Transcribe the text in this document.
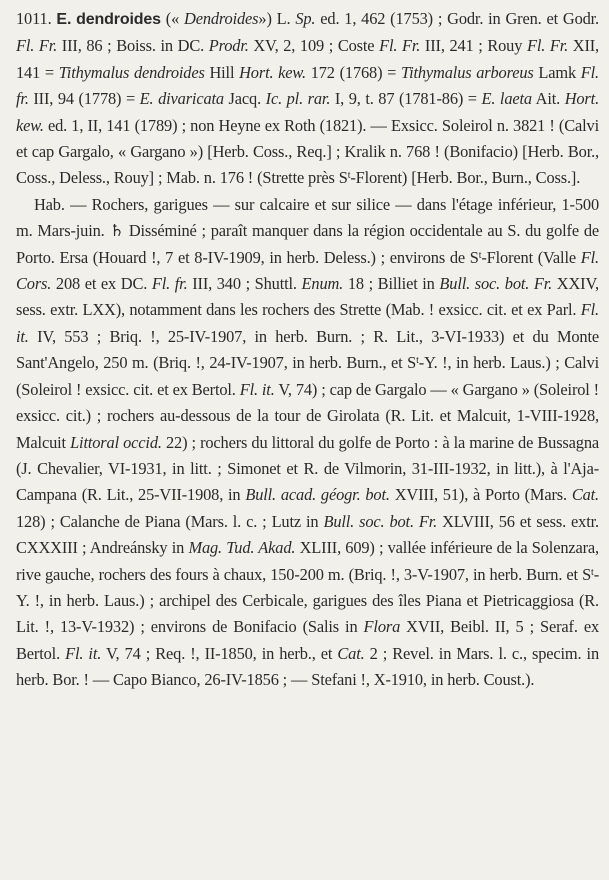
1011. E. dendroides (« Dendroides») L. Sp. ed. 1, 462 (1753) ; Godr. in Gren. et Godr. Fl. Fr. III, 86 ; Boiss. in DC. Prodr. XV, 2, 109 ; Coste Fl. Fr. III, 241 ; Rouy Fl. Fr. XII, 141 = Tithymalus dendroides Hill Hort. kew. 172 (1768) = Tithymalus arboreus Lamk Fl. fr. III, 94 (1778) = E. divaricata Jacq. Ic. pl. rar. I, 9, t. 87 (1781-86) = E. laeta Ait. Hort. kew. ed. 1, II, 141 (1789) ; non Heyne ex Roth (1821). — Exsicc. Soleirol n. 3821 ! (Calvi et cap Gargalo, « Gargano ») [Herb. Coss., Req.] ; Kralik n. 768 ! (Bonifacio) [Herb. Bor., Coss., Deless., Rouy] ; Mab. n. 176 ! (Strette près $S^t-Florent$) [Herb. Bor., Burn., Coss.].

Hab. — Rochers, garigues — sur calcaire et sur silice — dans l'étage inférieur, 1-500 m. Mars-juin. ♄ Disséminé ; paraît manquer dans la région occidentale au S. du golfe de Porto. Ersa (Houard !, 7 et 8-IV-1909, in herb. Deless.) ; environs de $S^t$-Florent (Valle Fl. Cors. 208 et ex DC. Fl. fr. III, 340 ; Shuttl. Enum. 18 ; Billiet in Bull. soc. bot. Fr. XXIV, sess. extr. LXX), notamment dans les rochers des Strette (Mab. ! exsicc. cit. et ex Parl. Fl. it. IV, 553 ; Briq. !, 25-IV-1907, in herb. Burn. ; R. Lit., 3-VI-1933) et du Monte Sant'Angelo, 250 m. (Briq. !, 24-IV-1907, in herb. Burn., et $S^t-Y$. !, in herb. Laus.) ; Calvi (Soleirol ! exsicc. cit. et ex Bertol. Fl. it. V, 74) ; cap de Gargalo — « Gargano » (Soleirol ! exsicc. cit.) ; rochers au-dessous de la tour de Girolata (R. Lit. et Malcuit, 1-VIII-1928, Malcuit Littoral occid. 22) ; rochers du littoral du golfe de Porto : à la marine de Bussagna (J. Chevalier, VI-1931, in litt. ; Simonet et R. de Vilmorin, 31-III-1932, in litt.), à l'Aja-Campana (R. Lit., 25-VII-1908, in Bull. acad. géogr. bot. XVIII, 51), à Porto (Mars. Cat. 128) ; Calanche de Piana (Mars. l. c. ; Lutz in Bull. soc. bot. Fr. XLVIII, 56 et sess. extr. CXXXIII ; Andreánsky in Mag. Tud. Akad. XLIII, 609) ; vallée inférieure de la Solenzara, rive gauche, rochers des fours à chaux, 150-200 m. (Briq. !, 3-V-1907, in herb. Burn. et $S^t-Y$. !, in herb. Laus.) ; archipel des Cerbicale, garigues des îles Piana et Pietricaggiosa (R. Lit. !, 13-V-1932) ; environs de Bonifacio (Salis in Flora XVII, Beibl. II, 5 ; Seraf. ex Bertol. Fl. it. V, 74 ; Req. !, II-1850, in herb., et Cat. 2 ; Revel. in Mars. l. c., specim. in herb. Bor. ! — Capo Bianco, 26-IV-1856 ; — Stefani !, X-1910, in herb. Coust.).
